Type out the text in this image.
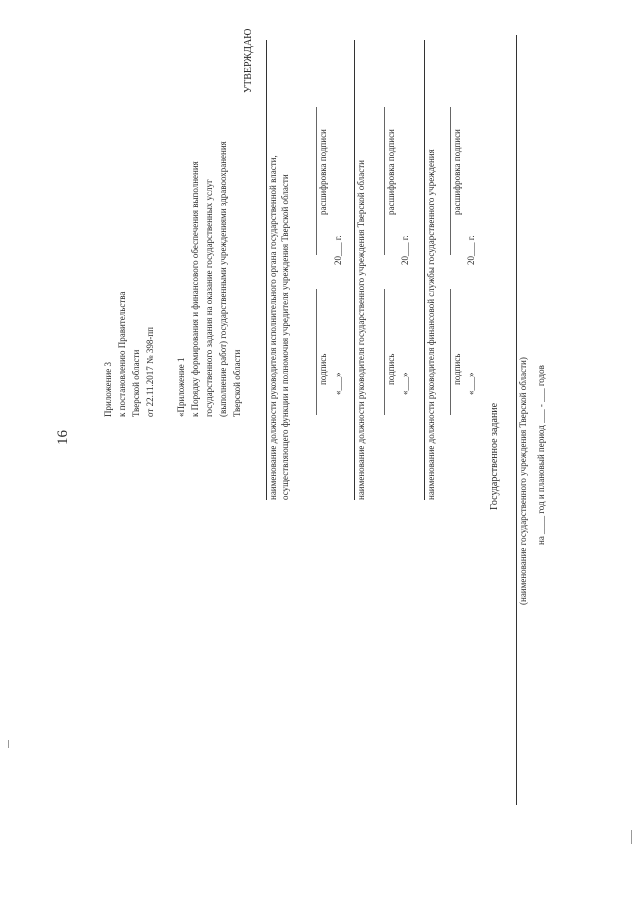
Приложение 3 к постановлению Правительства Тверской области от 22.11.2017 № 398-пп
16
«Приложение 1 к Порядку формирования и финансового обеспечения выполнения государственного задания на оказание государственных услуг (выполнение работ) государственными учреждениями здравоохранения Тверской области
УТВЕРЖДАЮ
наименование должности руководителя исполнительного органа государственной власти, осуществляющего функции и полномочия учредителя учреждения Тверской области	подпись
расшифровка подписи
«___»
20___ г. наименование должности руководителя государственного учреждения Тверской области подпись
расшифровка подписи
«___»
20___ г. наименование должности руководителя финансовой службы государственного учреждения подпись
расшифровка подписи
«___»
20___ г.
Государственное задание (наименование государственного учреждения Тверской области) на ____ год и плановый период ___ - ___ годов
